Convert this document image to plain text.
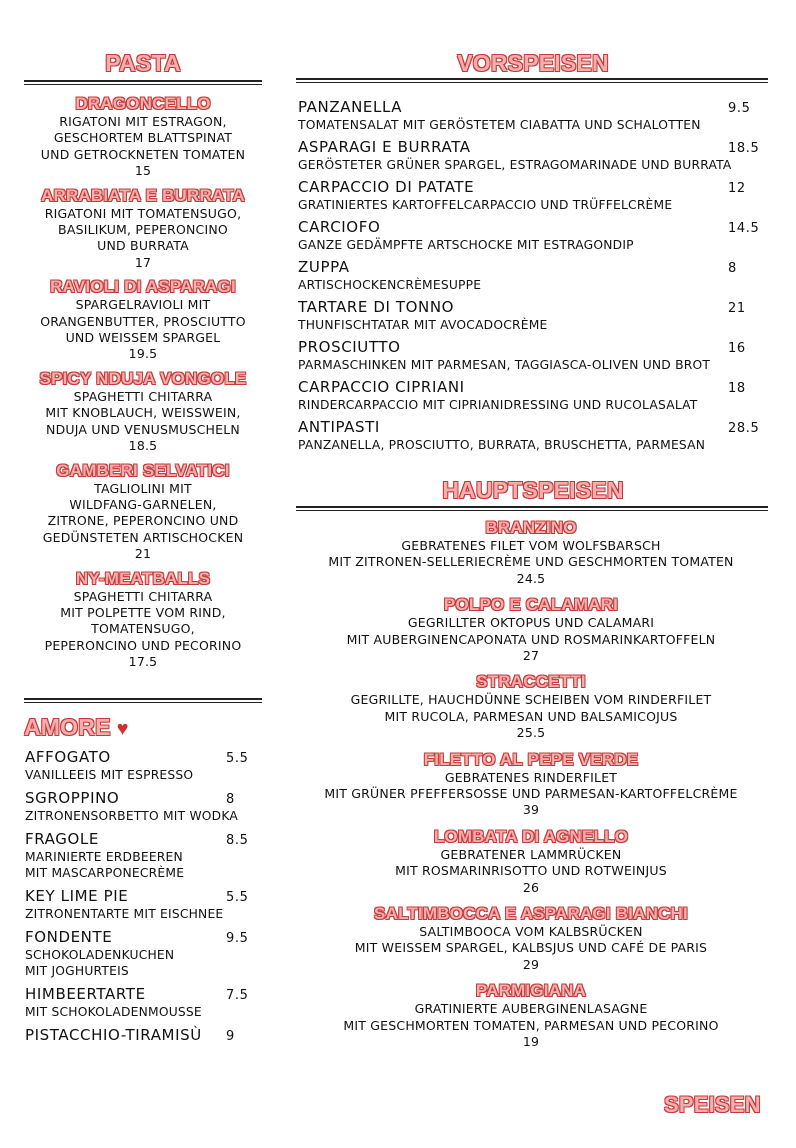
PASTA	VORSPEISEN
HAUPTSPEISEN
AMORE ♥
SPEISEN
DRAGONCELLO
RIGATONI MIT ESTRAGON,
GESCHORTEM BLATTSPINAT
UND GETROCKNETEN TOMATEN
15
ARRABIATA E BURRATA
RIGATONI MIT TOMATENSUGO,
BASILIKUM, PEPERONCINO
UND BURRATA
17
RAVIOLI DI ASPARAGI
SPARGELRAVIOLI MIT
ORANGENBUTTER, PROSCIUTTO
UND WEISSEM SPARGEL
19.5
SPICY NDUJA VONGOLE
SPAGHETTI CHITARRA
MIT KNOBLAUCH, WEISSWEIN,
NDUJA UND VENUSMUSCHELN
18.5
GAMBERI SELVATICI
TAGLIOLINI MIT
WILDFANG-GARNELEN,
ZITRONE, PEPERONCINO UND
GEDÜNSTETEN ARTISCHOCKEN
21
NY-MEATBALLS
SPAGHETTI CHITARRA
MIT POLPETTE VOM RIND,
TOMATENSUGO,
PEPERONCINO UND PECORINO
17.5
PANZANELLA	9.5
TOMATENSALAT MIT GERÖSTETEM CIABATTA UND SCHALOTTEN
ASPARAGI E BURRATA	18.5
GERÖSTETER GRÜNER SPARGEL, ESTRAGOMARINADE UND BURRATA
CARPACCIO DI PATATE	12
GRATINIERTES KARTOFFELCARPACCIO UND TRÜFFELCRÈME
CARCIOFO	14.5
GANZE GEDÄMPFTE ARTSCHOCKE MIT ESTRAGONDIP
ZUPPA	8
ARTISCHOCKENCRÈMESUPPE
TARTARE DI TONNO	21
THUNFISCHTATAR MIT AVOCADOCRÈME
PROSCIUTTO	16
PARMASCHINKEN MIT PARMESAN, TAGGIASCA-OLIVEN UND BROT
CARPACCIO CIPRIANI	18
RINDERCARPACCIO MIT CIPRIANIDRESSING UND RUCOLASALAT
ANTIPASTI	28.5
PANZANELLA, PROSCIUTTO, BURRATA, BRUSCHETTA, PARMESAN
BRANZINO
GEBRATENES FILET VOM WOLFSBARSCH
MIT ZITRONEN-SELLERIECRÈME UND GESCHMORTEN TOMATEN
24.5
POLPO E CALAMARI
GEGRILLTER OKTOPUS UND CALAMARI
MIT AUBERGINENCAPONATA UND ROSMARINKARTOFFELN
27
STRACCETTI
GEGRILLTE, HAUCHDÜNNE SCHEIBEN VOM RINDERFILET
MIT RUCOLA, PARMESAN UND BALSAMICOJUS
25.5
FILETTO AL PEPE VERDE
GEBRATENES RINDERFILET
MIT GRÜNER PFEFFERSOSSE UND PARMESAN-KARTOFFELCRÈME
39
LOMBATA DI AGNELLO
GEBRATENER LAMMRÜCKEN
MIT ROSMARINRISOTTO UND ROTWEINJUS
26
SALTIMBOCCA E ASPARAGI BIANCHI
SALTIMBOOCA VOM KALBSRÜCKEN
MIT WEISSEM SPARGEL, KALBSJUS UND CAFÉ DE PARIS
29
PARMIGIANA
GRATINIERTE AUBERGINENLASAGNE
MIT GESCHMORTEN TOMATEN, PARMESAN UND PECORINO
19
AFFOGATO	5.5
VANILLEEIS MIT ESPRESSO
SGROPPINO	8
ZITRONENSORBETTO MIT WODKA
FRAGOLE	8.5
MARINIERTE ERDBEEREN
MIT MASCARPONECRÈME
KEY LIME PIE	5.5
ZITRONENTARTE MIT EISCHNEE
FONDENTE	9.5
SCHOKOLADENKUCHEN
MIT JOGHURTEIS
HIMBEERTARTE	7.5
MIT SCHOKOLADENMOUSSE
PISTACCHIO-TIRAMISÙ	9
